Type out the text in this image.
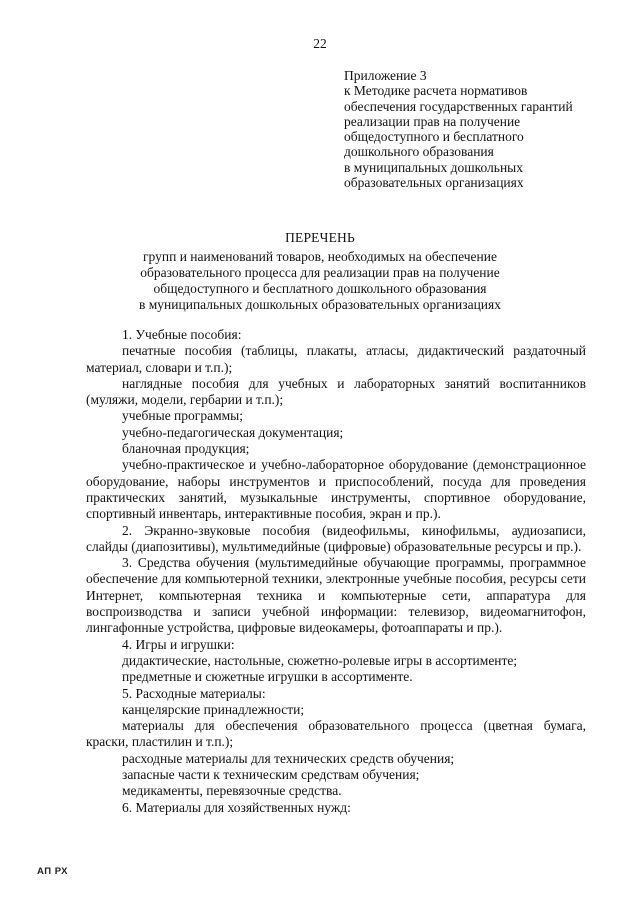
22
Приложение 3
к Методике расчета нормативов
обеспечения государственных гарантий
реализации прав на получение
общедоступного и бесплатного
дошкольного образования
в муниципальных дошкольных
образовательных организациях
ПЕРЕЧЕНЬ
групп и наименований товаров, необходимых на обеспечение
образовательного процесса для реализации прав на получение
общедоступного и бесплатного дошкольного образования
в муниципальных дошкольных образовательных организациях

1. Учебные пособия:

печатные пособия (таблицы, плакаты, атласы, дидактический раздаточный материал, словари и т.п.);

наглядные пособия для учебных и лабораторных занятий воспитанников (муляжи, модели, гербарии и т.п.);

учебные программы;

учебно-педагогическая документация;

бланочная продукция;

учебно-практическое и учебно-лабораторное оборудование (демонстрационное оборудование, наборы инструментов и приспособлений, посуда для проведения практических занятий, музыкальные инструменты, спортивное оборудование, спортивный инвентарь, интерактивные пособия, экран и пр.).

2. Экранно-звуковые пособия (видеофильмы, кинофильмы, аудиозаписи, слайды (диапозитивы), мультимедийные (цифровые) образовательные ресурсы и пр.).

3. Средства обучения (мультимедийные обучающие программы, программное обеспечение для компьютерной техники, электронные учебные пособия, ресурсы сети Интернет, компьютерная техника и компьютерные сети, аппаратура для воспроизводства и записи учебной информации: телевизор, видеомагнитофон, лингафонные устройства, цифровые видеокамеры, фотоаппараты и пр.).

4. Игры и игрушки:

дидактические, настольные, сюжетно-ролевые игры в ассортименте;

предметные и сюжетные игрушки в ассортименте.

5. Расходные материалы:

канцелярские принадлежности;

материалы для обеспечения образовательного процесса (цветная бумага, краски, пластилин и т.п.);

расходные материалы для технических средств обучения;

запасные части к техническим средствам обучения;

медикаменты, перевязочные средства.

6. Материалы для хозяйственных нужд:

АП РХ
